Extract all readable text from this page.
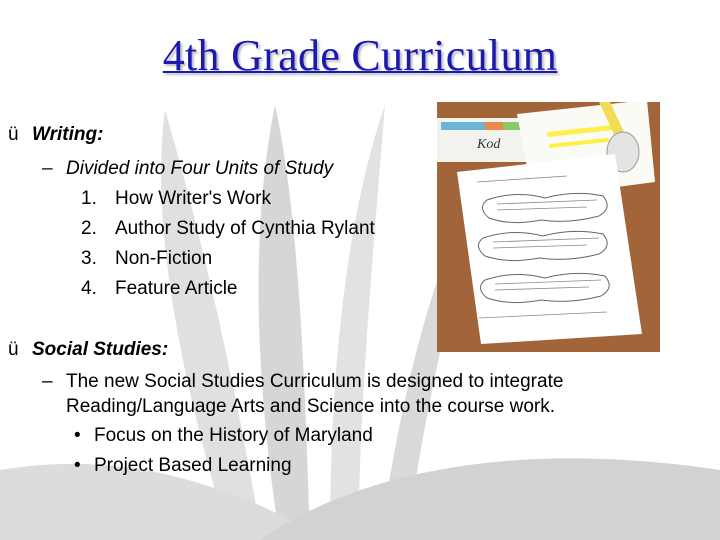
4th Grade Curriculum
ü Writing:
– Divided into Four Units of Study
1. How Writer's Work
2. Author Study of Cynthia Rylant
3. Non-Fiction
4. Feature Article
ü Social Studies:
– The new Social Studies Curriculum is designed to integrate
Reading/Language Arts and Science into the course work.
• Focus on the History of Maryland
• Project Based Learning
Kod
